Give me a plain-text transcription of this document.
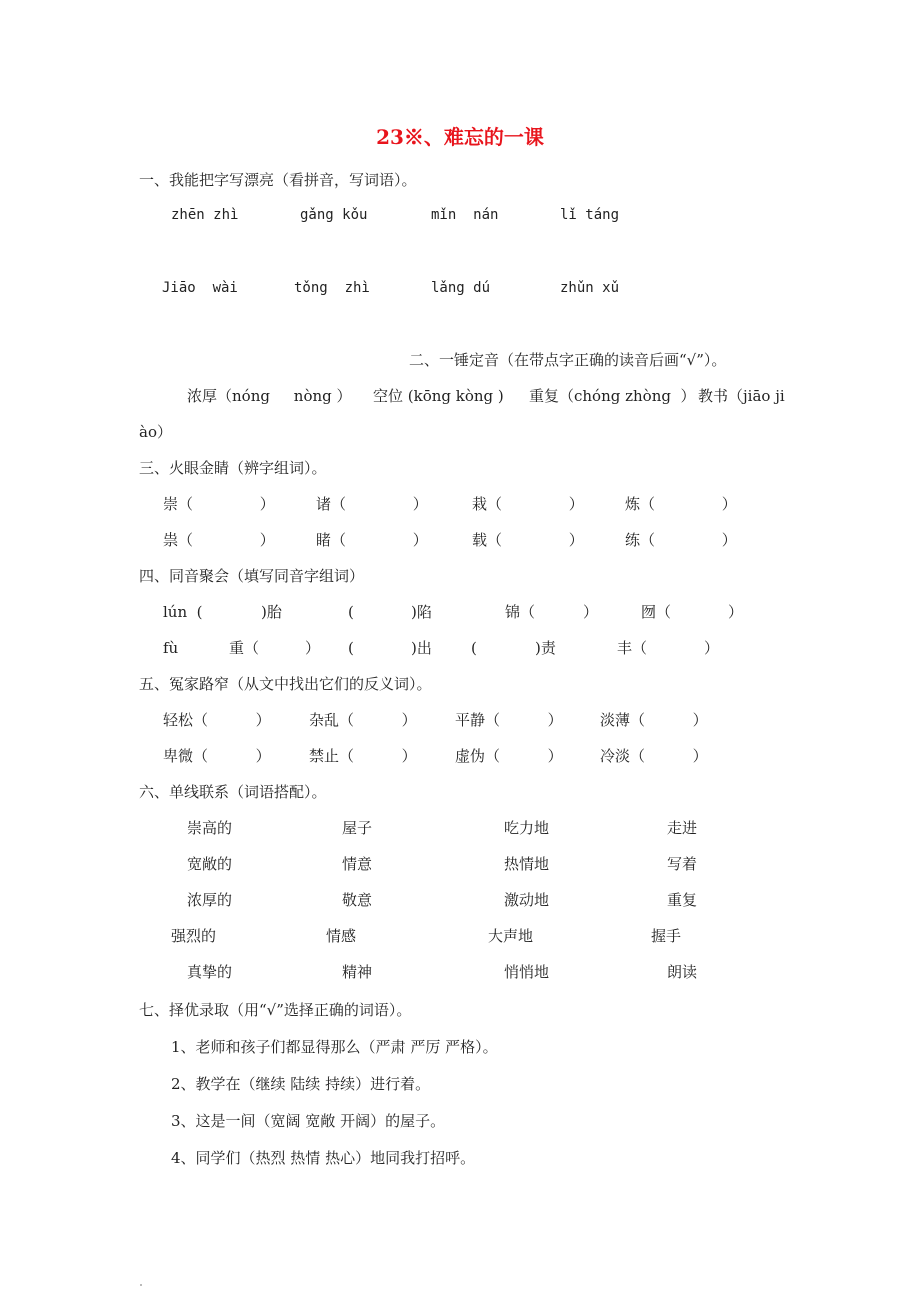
23※、难忘的一课
一、我能把字写漂亮（看拼音，写词语）。
zhēn zhì	gǎng kǒu	mǐn  nán	lǐ táng
Jiāo  wài	tǒng  zhì	lǎng dú	zhǔn xǔ
二、一锤定音（在带点字正确的读音后画“√”）。
浓厚（nóng     nòng ） 空位 (kōng kòng ) 重复（chóng zhòng  ） 教书（jiāo ji
ào）
三、火眼金睛（辨字组词）。
崇（              ）	诸（              ）	栽（              ）	炼（              ）
祟（              ）	睹（              ）	载（              ）	练（              ）
四、同音聚会（填写同音字组词）
lún  (	)胎	(	)陷	锦（	）	囫（	）
fù	重（	） (	)出	(	)责	丰（	）
五、冤家路窄（从文中找出它们的反义词）。
轻松（          ）	杂乱（          ）	平静（          ） 淡薄（          ）
卑微（          ）	禁止（          ）	虚伪（          ） 冷淡（          ）
六、单线联系（词语搭配）。
崇高的	屋子	吃力地	走进
宽敞的	情意	热情地	写着
浓厚的	敬意	激动地	重复
强烈的	情感	大声地	握手
真挚的	精神	悄悄地	朗读
七、择优录取（用“√”选择正确的词语）。
1、老师和孩子们都显得那么（严肃 严厉 严格）。
2、教学在（继续 陆续 持续）进行着。
3、这是一间（宽阔 宽敞 开阔）的屋子。
4、同学们（热烈 热情 热心）地同我打招呼。
